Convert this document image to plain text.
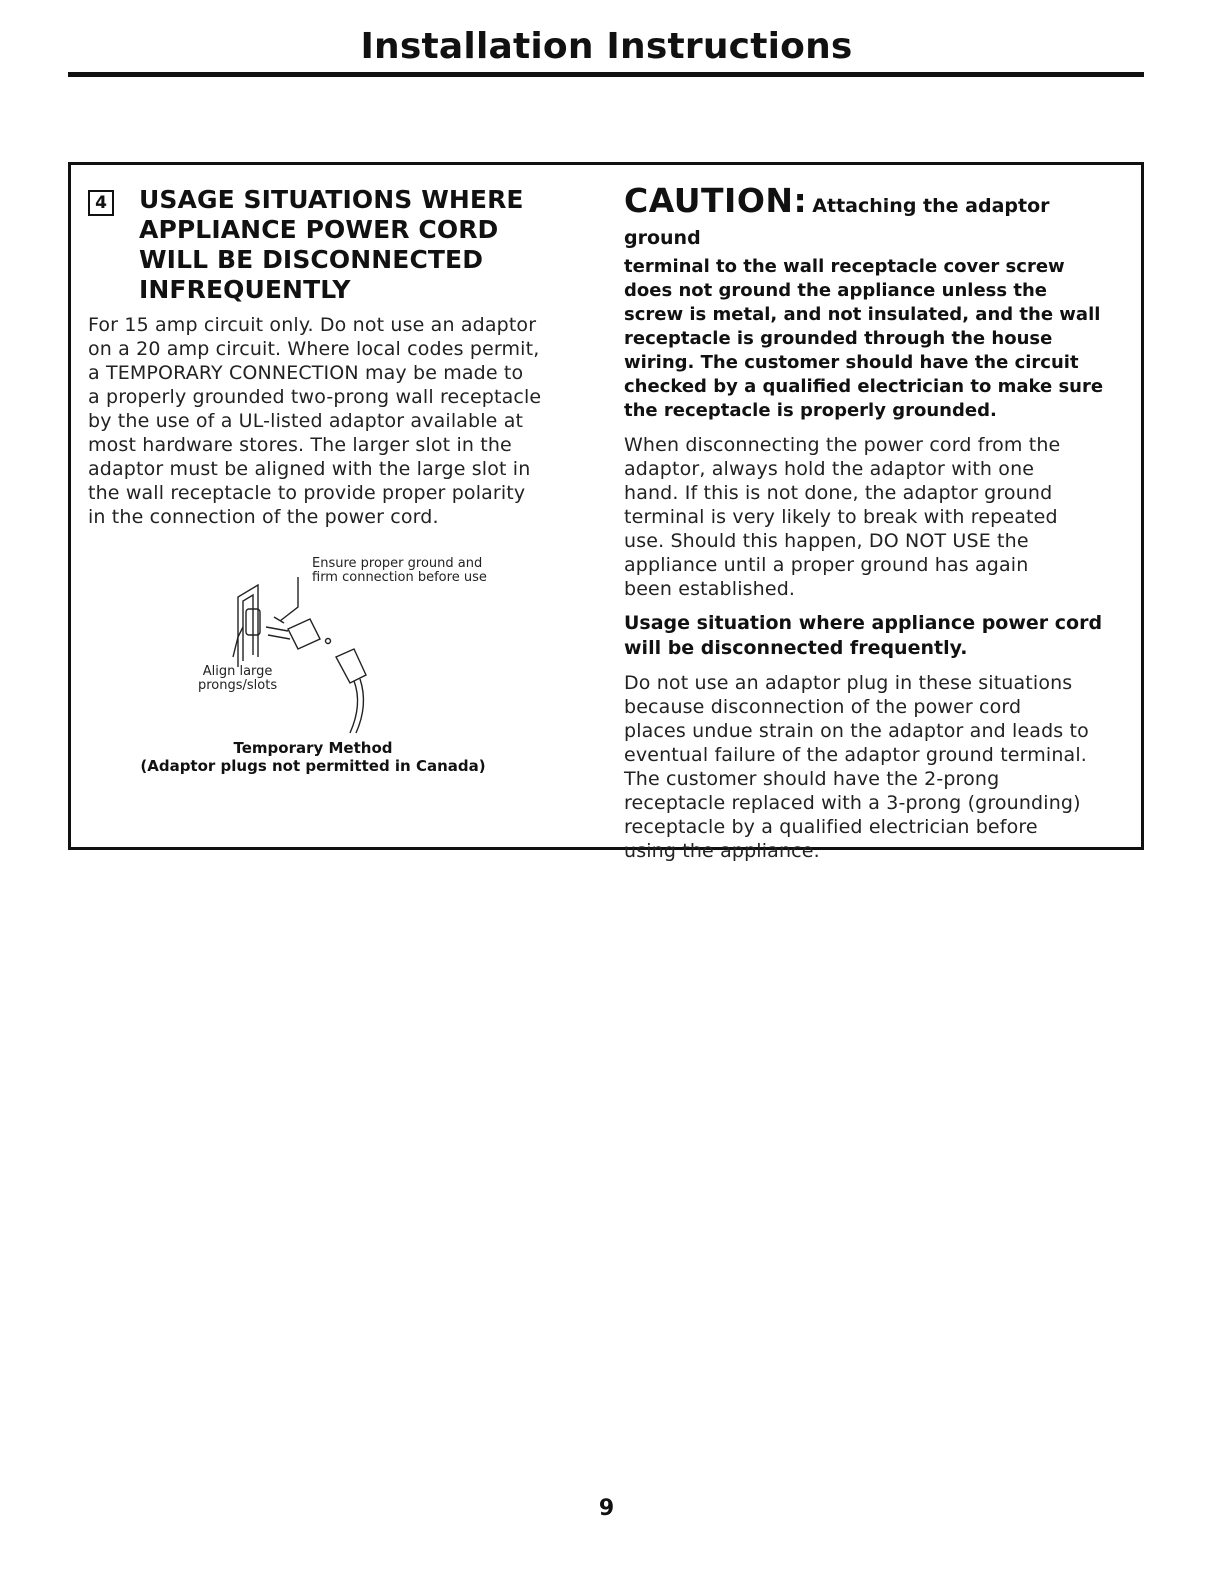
Installation Instructions
4 USAGE SITUATIONS WHERE
APPLIANCE POWER CORD
WILL BE DISCONNECTED
INFREQUENTLY
For 15 amp circuit only. Do not use an adaptor
on a 20 amp circuit. Where local codes permit,
a TEMPORARY CONNECTION may be made to
a properly grounded two-prong wall receptacle
by the use of a UL-listed adaptor available at
most hardware stores. The larger slot in the
adaptor must be aligned with the large slot in
the wall receptacle to provide proper polarity
in the connection of the power cord.
Ensure proper ground and
firm connection before use
Align large
prongs/slots
Temporary Method
(Adaptor plugs not permitted in Canada)
CAUTION: Attaching the adaptor ground
terminal to the wall receptacle cover screw
does not ground the appliance unless the
screw is metal, and not insulated, and the wall
receptacle is grounded through the house
wiring. The customer should have the circuit
checked by a qualified electrician to make sure
the receptacle is properly grounded.
When disconnecting the power cord from the
adaptor, always hold the adaptor with one
hand. If this is not done, the adaptor ground
terminal is very likely to break with repeated
use. Should this happen, DO NOT USE the
appliance until a proper ground has again
been established.
Usage situation where appliance power cord
will be disconnected frequently.
Do not use an adaptor plug in these situations
because disconnection of the power cord
places undue strain on the adaptor and leads to
eventual failure of the adaptor ground terminal.
The customer should have the 2-prong
receptacle replaced with a 3-prong (grounding)
receptacle by a qualified electrician before
using the appliance.
9
